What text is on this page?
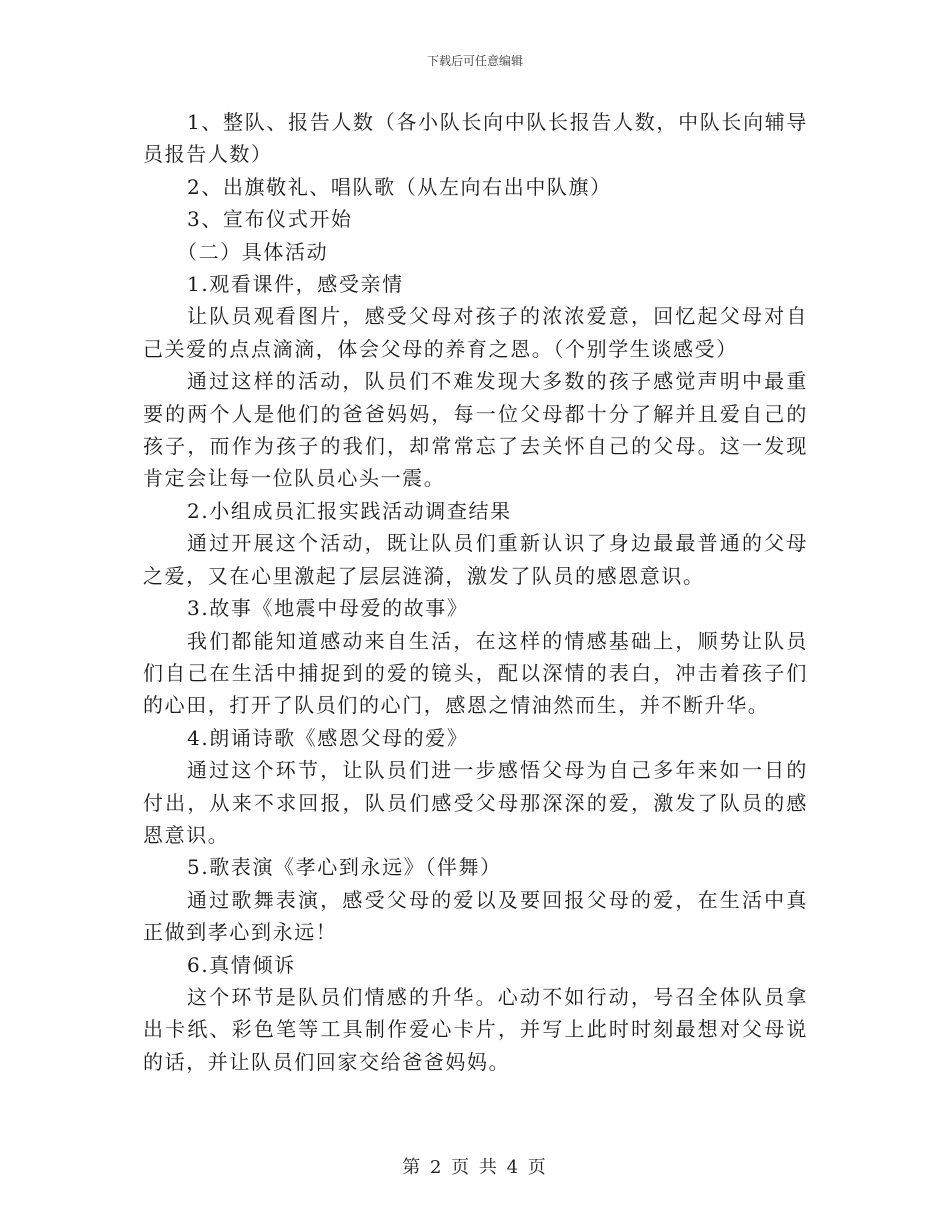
下载后可任意编辑

1、整队、报告人数（各小队长向中队长报告人数，中队长向辅导员报告人数）

2、出旗敬礼、唱队歌（从左向右出中队旗）

3、宣布仪式开始

（二）具体活动

1.观看课件，感受亲情

让队员观看图片，感受父母对孩子的浓浓爱意，回忆起父母对自己关爱的点点滴滴，体会父母的养育之恩。（个别学生谈感受）

通过这样的活动，队员们不难发现大多数的孩子感觉声明中最重要的两个人是他们的爸爸妈妈，每一位父母都十分了解并且爱自己的孩子，而作为孩子的我们，却常常忘了去关怀自己的父母。这一发现肯定会让每一位队员心头一震。

2.小组成员汇报实践活动调查结果

通过开展这个活动，既让队员们重新认识了身边最最普通的父母之爱，又在心里激起了层层涟漪，激发了队员的感恩意识。

3.故事《地震中母爱的故事》

我们都能知道感动来自生活，在这样的情感基础上，顺势让队员们自己在生活中捕捉到的爱的镜头，配以深情的表白，冲击着孩子们的心田，打开了队员们的心门，感恩之情油然而生，并不断升华。

4.朗诵诗歌《感恩父母的爱》

通过这个环节，让队员们进一步感悟父母为自己多年来如一日的付出，从来不求回报，队员们感受父母那深深的爱，激发了队员的感恩意识。

5.歌表演《孝心到永远》（伴舞）

通过歌舞表演，感受父母的爱以及要回报父母的爱，在生活中真正做到孝心到永远！

6.真情倾诉

这个环节是队员们情感的升华。心动不如行动，号召全体队员拿出卡纸、彩色笔等工具制作爱心卡片，并写上此时时刻最想对父母说的话，并让队员们回家交给爸爸妈妈。

第 2 页 共 4 页
